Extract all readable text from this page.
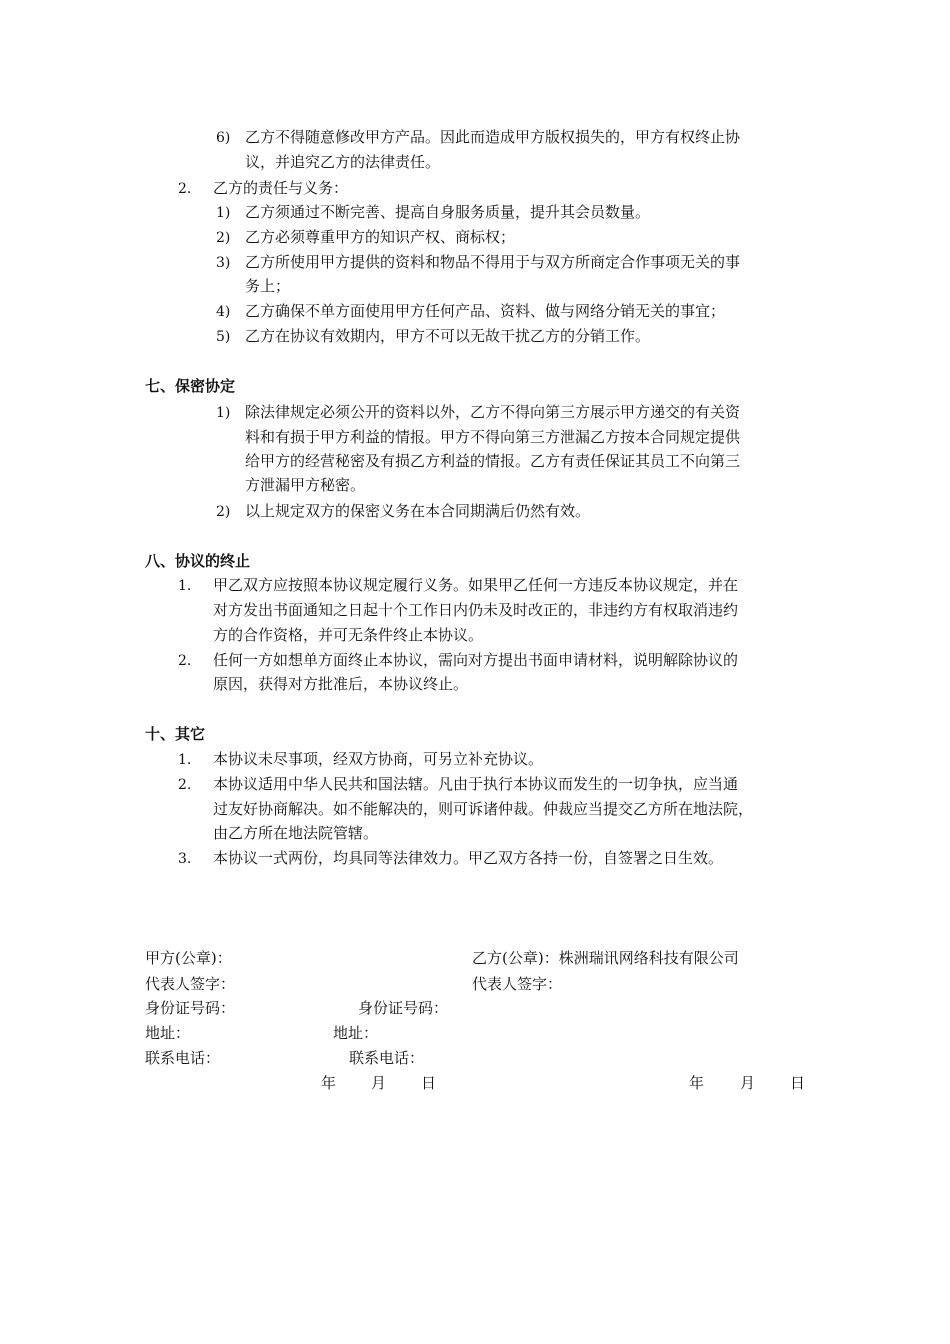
6) 乙方不得随意修改甲方产品。因此而造成甲方版权损失的，甲方有权终止协
议，并追究乙方的法律责任。
2. 乙方的责任与义务：
1) 乙方须通过不断完善、提高自身服务质量，提升其会员数量。
2) 乙方必须尊重甲方的知识产权、商标权；
3) 乙方所使用甲方提供的资料和物品不得用于与双方所商定合作事项无关的事
务上；
4) 乙方确保不单方面使用甲方任何产品、资料、做与网络分销无关的事宜；
5) 乙方在协议有效期内，甲方不可以无故干扰乙方的分销工作。
七、保密协定
1) 除法律规定必须公开的资料以外，乙方不得向第三方展示甲方递交的有关资
料和有损于甲方利益的情报。甲方不得向第三方泄漏乙方按本合同规定提供
给甲方的经营秘密及有损乙方利益的情报。乙方有责任保证其员工不向第三
方泄漏甲方秘密。
2) 以上规定双方的保密义务在本合同期满后仍然有效。
八、协议的终止
1. 甲乙双方应按照本协议规定履行义务。如果甲乙任何一方违反本协议规定，并在
对方发出书面通知之日起十个工作日内仍未及时改正的，非违约方有权取消违约
方的合作资格，并可无条件终止本协议。
2. 任何一方如想单方面终止本协议，需向对方提出书面申请材料，说明解除协议的
原因，获得对方批准后，本协议终止。
十、其它
1. 本协议未尽事项，经双方协商，可另立补充协议。
2. 本协议适用中华人民共和国法辖。凡由于执行本协议而发生的一切争执，应当通
过友好协商解决。如不能解决的，则可诉诸仲裁。仲裁应当提交乙方所在地法院，
由乙方所在地法院管辖。
3. 本协议一式两份，均具同等法律效力。甲乙双方各持一份，自签署之日生效。
甲方(公章)：	乙方(公章)：株洲瑞讯网络科技有限公司
代表人签字：	代表人签字：
身份证号码：	身份证号码：
地址：	地址：
联系电话：	联系电话：
年 月 日	年 月 日
